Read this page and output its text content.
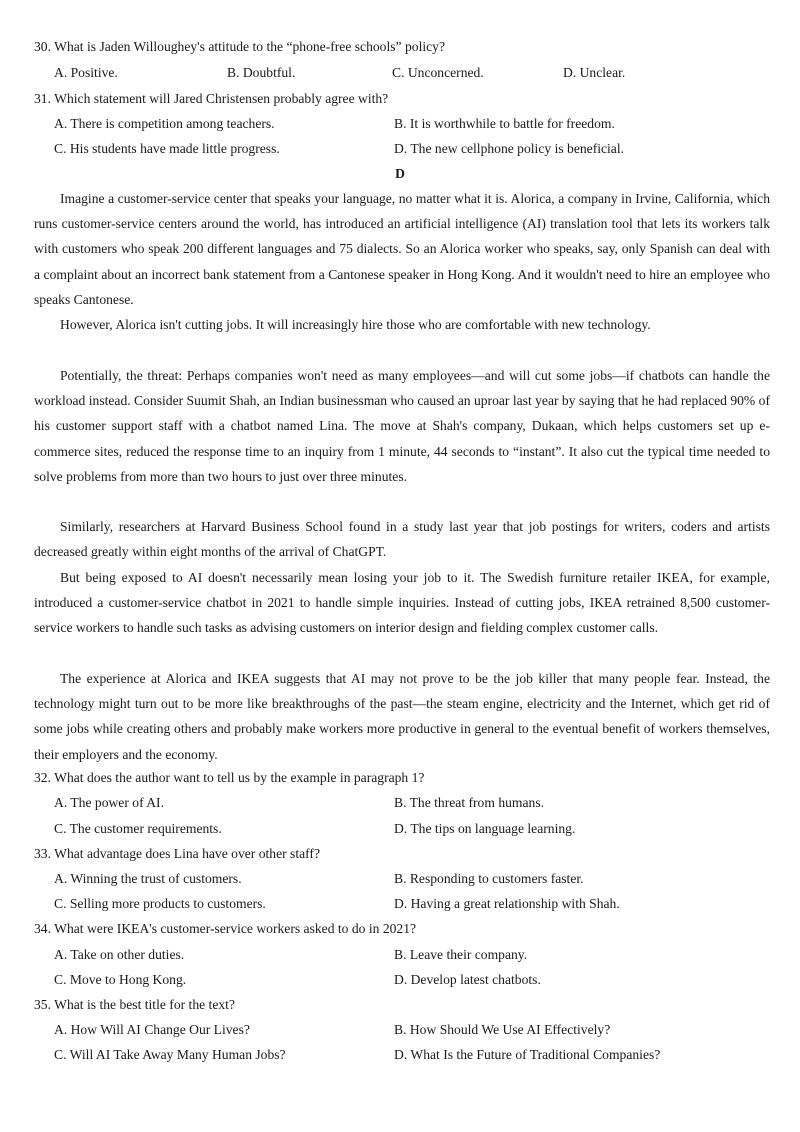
30. What is Jaden Willoughey's attitude to the “phone-free schools” policy?
A. Positive.	B. Doubtful.	C. Unconcerned.	D. Unclear.
31. Which statement will Jared Christensen probably agree with?
A. There is competition among teachers.	B. It is worthwhile to battle for freedom.
C. His students have made little progress.	D. The new cellphone policy is beneficial.
D

Imagine a customer-service center that speaks your language, no matter what it is. Alorica, a company in Irvine, California, which runs customer-service centers around the world, has introduced an artificial intelligence (AI) translation tool that lets its workers talk with customers who speak 200 different languages and 75 dialects. So an Alorica worker who speaks, say, only Spanish can deal with a complaint about an incorrect bank statement from a Cantonese speaker in Hong Kong. And it wouldn't need to hire an employee who speaks Cantonese.

However, Alorica isn't cutting jobs. It will increasingly hire those who are comfortable with new technology.

Potentially, the threat: Perhaps companies won't need as many employees—and will cut some jobs—if chatbots can handle the workload instead. Consider Suumit Shah, an Indian businessman who caused an uproar last year by saying that he had replaced 90% of his customer support staff with a chatbot named Lina. The move at Shah's company, Dukaan, which helps customers set up e-commerce sites, reduced the response time to an inquiry from 1 minute, 44 seconds to “instant”. It also cut the typical time needed to solve problems from more than two hours to just over three minutes.

Similarly, researchers at Harvard Business School found in a study last year that job postings for writers, coders and artists decreased greatly within eight months of the arrival of ChatGPT.

But being exposed to AI doesn't necessarily mean losing your job to it. The Swedish furniture retailer IKEA, for example, introduced a customer-service chatbot in 2021 to handle simple inquiries. Instead of cutting jobs, IKEA retrained 8,500 customer-service workers to handle such tasks as advising customers on interior design and fielding complex customer calls.

The experience at Alorica and IKEA suggests that AI may not prove to be the job killer that many people fear. Instead, the technology might turn out to be more like breakthroughs of the past—the steam engine, electricity and the Internet, which get rid of some jobs while creating others and probably make workers more productive in general to the eventual benefit of workers themselves, their employers and the economy.

32. What does the author want to tell us by the example in paragraph 1?
A. The power of AI.	B. The threat from humans.
C. The customer requirements.	D. The tips on language learning.
33. What advantage does Lina have over other staff?
A. Winning the trust of customers.	B. Responding to customers faster.
C. Selling more products to customers.	D. Having a great relationship with Shah.
34. What were IKEA's customer-service workers asked to do in 2021?
A. Take on other duties.	B. Leave their company.
C. Move to Hong Kong.	D. Develop latest chatbots.
35. What is the best title for the text?
A. How Will AI Change Our Lives?	B. How Should We Use AI Effectively?
C. Will AI Take Away Many Human Jobs?	D. What Is the Future of Traditional Companies?
